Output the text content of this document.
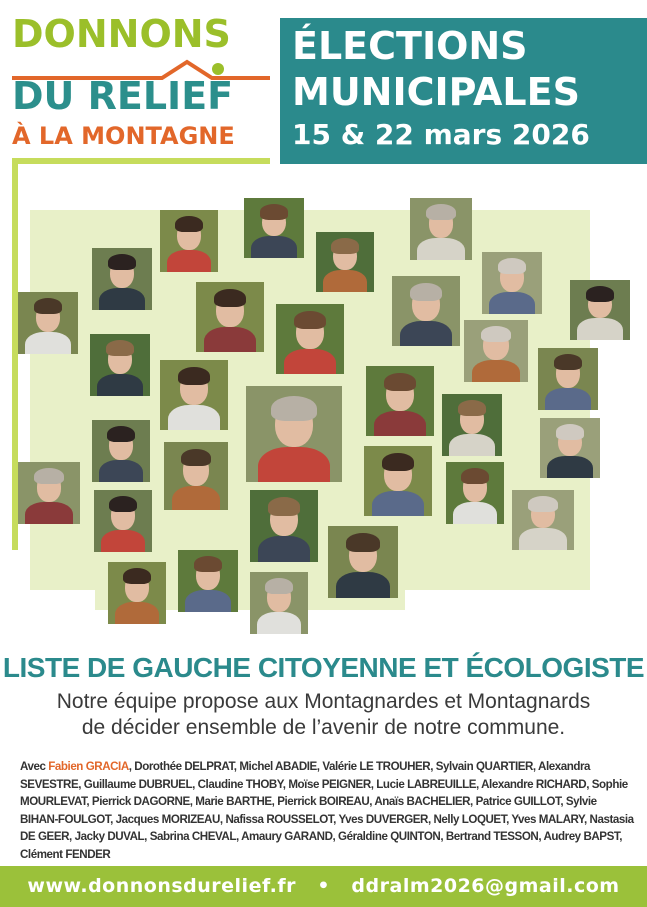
DONNONS
DU RELIEF
À LA MONTAGNE
ÉLECTIONS
MUNICIPALES
15 & 22 mars 2026
LISTE DE GAUCHE CITOYENNE ET ÉCOLOGISTE
Notre équipe propose aux Montagnardes et Montagnards
de décider ensemble de l’avenir de notre commune.
Avec Fabien GRACIA, Dorothée DELPRAT, Michel ABADIE, Valérie LE TROUHER, Sylvain QUARTIER, Alexandra SEVESTRE, Guillaume DUBRUEL, Claudine THOBY, Moïse PEIGNER, Lucie LABREUILLE, Alexandre RICHARD, Sophie MOURLEVAT, Pierrick DAGORNE, Marie BARTHE, Pierrick BOIREAU, Anaïs BACHELIER, Patrice GUILLOT, Sylvie BIHAN-FOULGOT, Jacques MORIZEAU, Nafissa ROUSSELOT, Yves DUVERGER, Nelly LOQUET, Yves MALARY, Nastasia DE GEER, Jacky DUVAL, Sabrina CHEVAL, Amaury GARAND, Géraldine QUINTON, Bertrand TESSON, Audrey BAPST, Clément FENDER
www.donnonsdurelief.fr • ddralm2026@gmail.com
